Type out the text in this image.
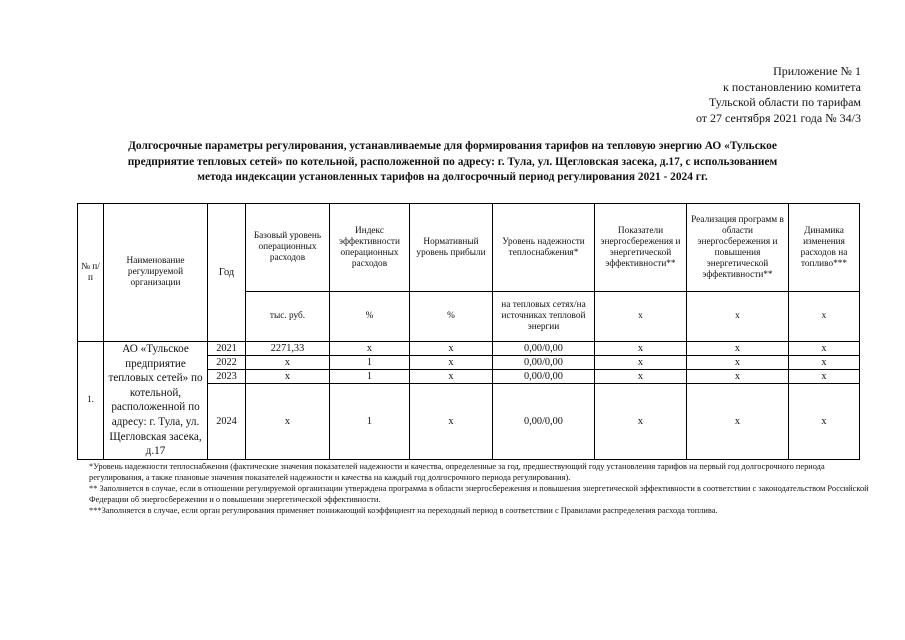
Приложение № 1
к постановлению комитета
Тульской области по тарифам
от 27 сентября 2021 года № 34/3
Долгосрочные параметры регулирования, устанавливаемые для формирования тарифов на тепловую энергию АО «Тульское
предприятие тепловых сетей» по котельной, расположенной по адресу: г. Тула, ул. Щегловская засека, д.17, с использованием
метода индексации установленных тарифов на долгосрочный период регулирования 2021 - 2024 гг.
№ п/п	Наименование регулируемой организации	Год	Базовый уровень операционных расходов	Индекс эффективности операционных расходов	Нормативный уровень прибыли	Уровень надежности теплоснабжения*	Показатели энергосбережения и энергетической эффективности**	Реализация программ в области энергосбережения и повышения энергетической эффективности**	Динамика изменения расходов на топливо***
			тыс. руб.	%	%	на тепловых сетях/на источниках тепловой энергии	x	x	x
1.	АО «Тульское предприятие тепловых сетей» по котельной, расположенной по адресу: г. Тула, ул. Щегловская засека, д.17	2021	2271,33	x	x	0,00/0,00	x	x	x
		2022	x	1	x	0,00/0,00	x	x	x
		2023	x	1	x	0,00/0,00	x	x	x
		2024	x	1	x	0,00/0,00	x	x	x

*Уровень надежности теплоснабжения (фактические значения показателей надежности и качества, определенные за год, предшествующий году установления тарифов на первый год долгосрочного периода регулирования, а также плановые значения показателей надежности и качества на каждый год долгосрочного периода регулирования).

** Заполняется в случае, если в отношении регулируемой организации утверждена программа в области энергосбережения и повышения энергетической эффективности в соответствии с законодательством Российской Федерации об энергосбережении и о повышении энергетической эффективности.

***Заполняется в случае, если орган регулирования применяет понижающий коэффициент на переходный период в соответствии с Правилами распределения расхода топлива.
